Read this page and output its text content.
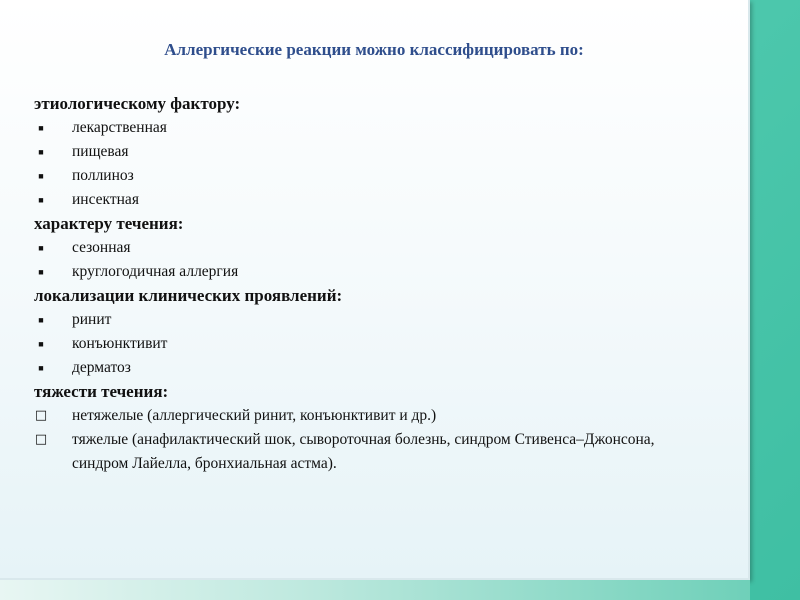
Аллергические реакции можно классифицировать по:
этиологическому фактору:
■ лекарственная
■ пищевая
■ поллиноз
■ инсектная
характеру течения:
■ сезонная
■ круглогодичная аллергия
локализации клинических проявлений:
■ ринит
■ конъюнктивит
■ дерматоз
тяжести течения:
□ нетяжелые (аллергический ринит, конъюнктивит и др.)
□ тяжелые (анафилактический шок, сывороточная болезнь, синдром Стивенса–Джонсона, синдром Лайелла, бронхиальная астма).
